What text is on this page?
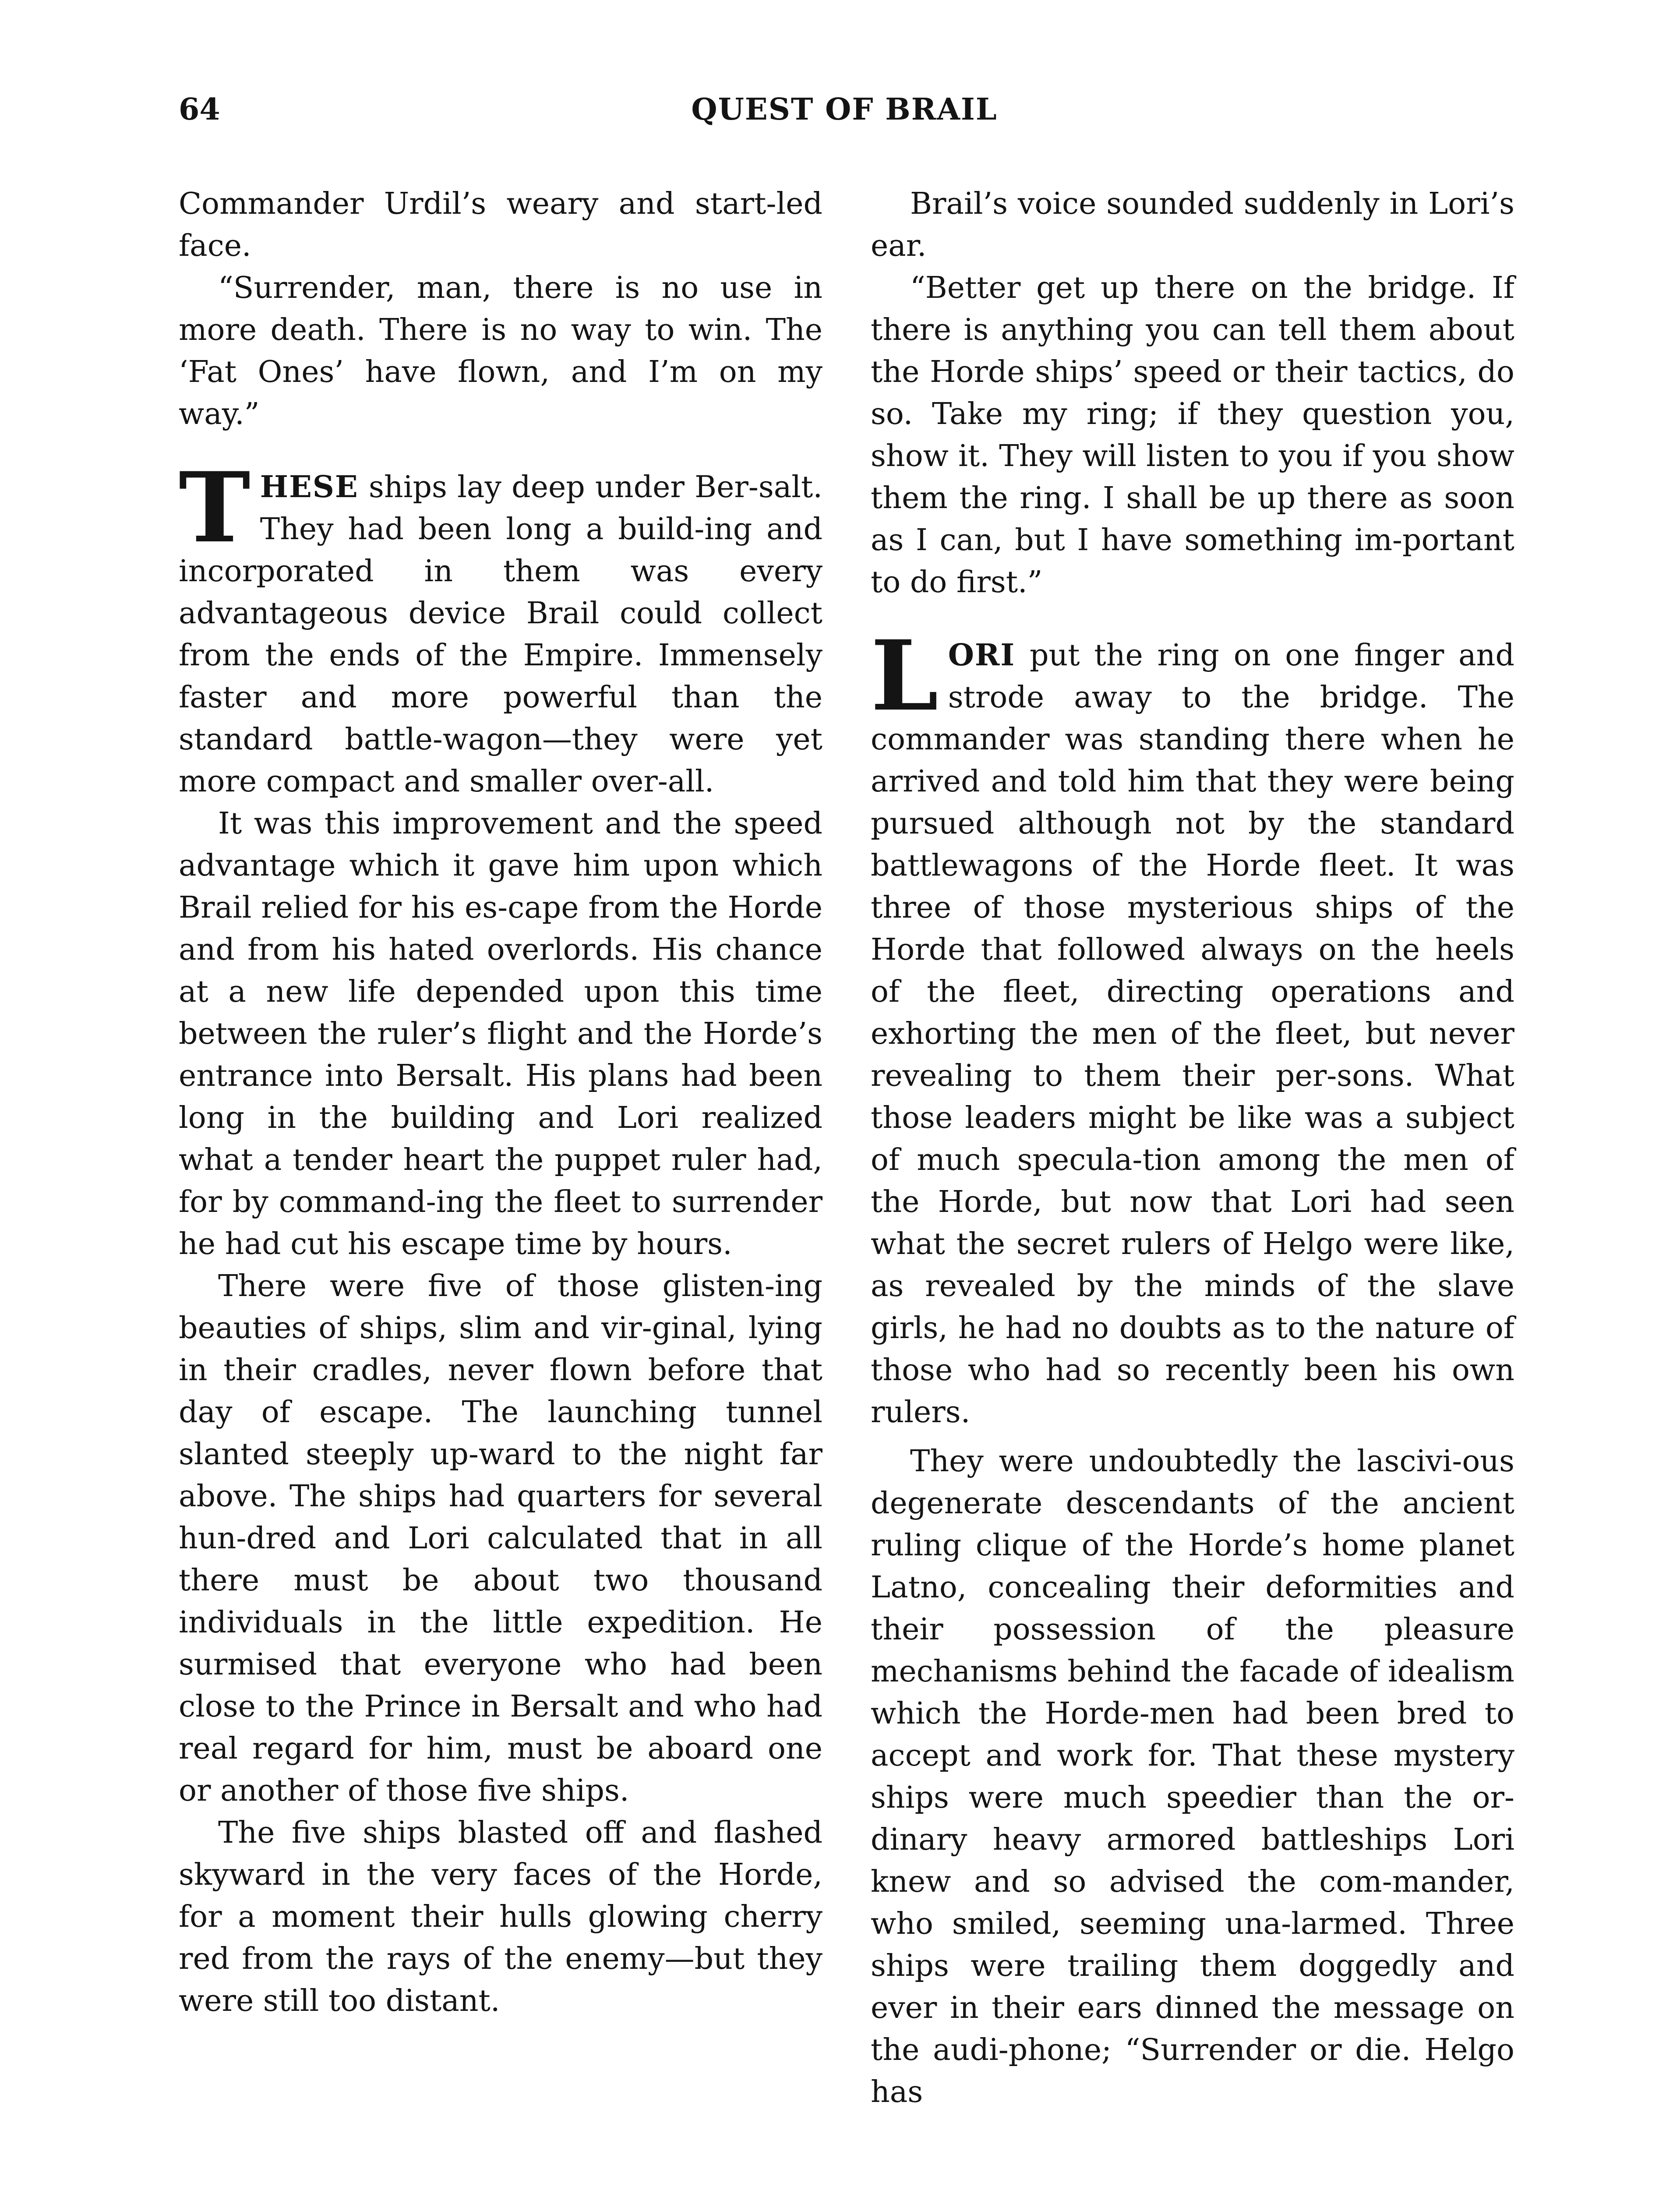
64	QUEST OF BRAIL

Commander Urdil’s weary and start-led face.

“Surrender, man, there is no use in more death. There is no way to win. The ‘Fat Ones’ have flown, and I’m on my way.”

THESE ships lay deep under Ber-salt. They had been long a build-ing and incorporated in them was every advantageous device Brail could collect from the ends of the Empire. Immensely faster and more powerful than the standard battle-wagon—they were yet more compact and smaller over-all.

It was this improvement and the speed advantage which it gave him upon which Brail relied for his es-cape from the Horde and from his hated overlords. His chance at a new life depended upon this time between the ruler’s flight and the Horde’s entrance into Bersalt. His plans had been long in the building and Lori realized what a tender heart the puppet ruler had, for by command-ing the fleet to surrender he had cut his escape time by hours.

There were five of those glisten-ing beauties of ships, slim and vir-ginal, lying in their cradles, never flown before that day of escape. The launching tunnel slanted steeply up-ward to the night far above. The ships had quarters for several hun-dred and Lori calculated that in all there must be about two thousand individuals in the little expedition. He surmised that everyone who had been close to the Prince in Bersalt and who had real regard for him, must be aboard one or another of those five ships.

The five ships blasted off and flashed skyward in the very faces of the Horde, for a moment their hulls glowing cherry red from the rays of the enemy—but they were still too distant.

Brail’s voice sounded suddenly in Lori’s ear.

“Better get up there on the bridge. If there is anything you can tell them about the Horde ships’ speed or their tactics, do so. Take my ring; if they question you, show it. They will listen to you if you show them the ring. I shall be up there as soon as I can, but I have something im-portant to do first.”

LORI put the ring on one finger and strode away to the bridge. The commander was standing there when he arrived and told him that they were being pursued although not by the standard battlewagons of the Horde fleet. It was three of those mysterious ships of the Horde that followed always on the heels of the fleet, directing operations and exhorting the men of the fleet, but never revealing to them their per-sons. What those leaders might be like was a subject of much specula-tion among the men of the Horde, but now that Lori had seen what the secret rulers of Helgo were like, as revealed by the minds of the slave girls, he had no doubts as to the nature of those who had so recently been his own rulers.

They were undoubtedly the lascivi-ous degenerate descendants of the ancient ruling clique of the Horde’s home planet Latno, concealing their deformities and their possession of the pleasure mechanisms behind the facade of idealism which the Horde-men had been bred to accept and work for. That these mystery ships were much speedier than the or-dinary heavy armored battleships Lori knew and so advised the com-mander, who smiled, seeming una-larmed. Three ships were trailing them doggedly and ever in their ears dinned the message on the audi-phone; “Surrender or die. Helgo has
